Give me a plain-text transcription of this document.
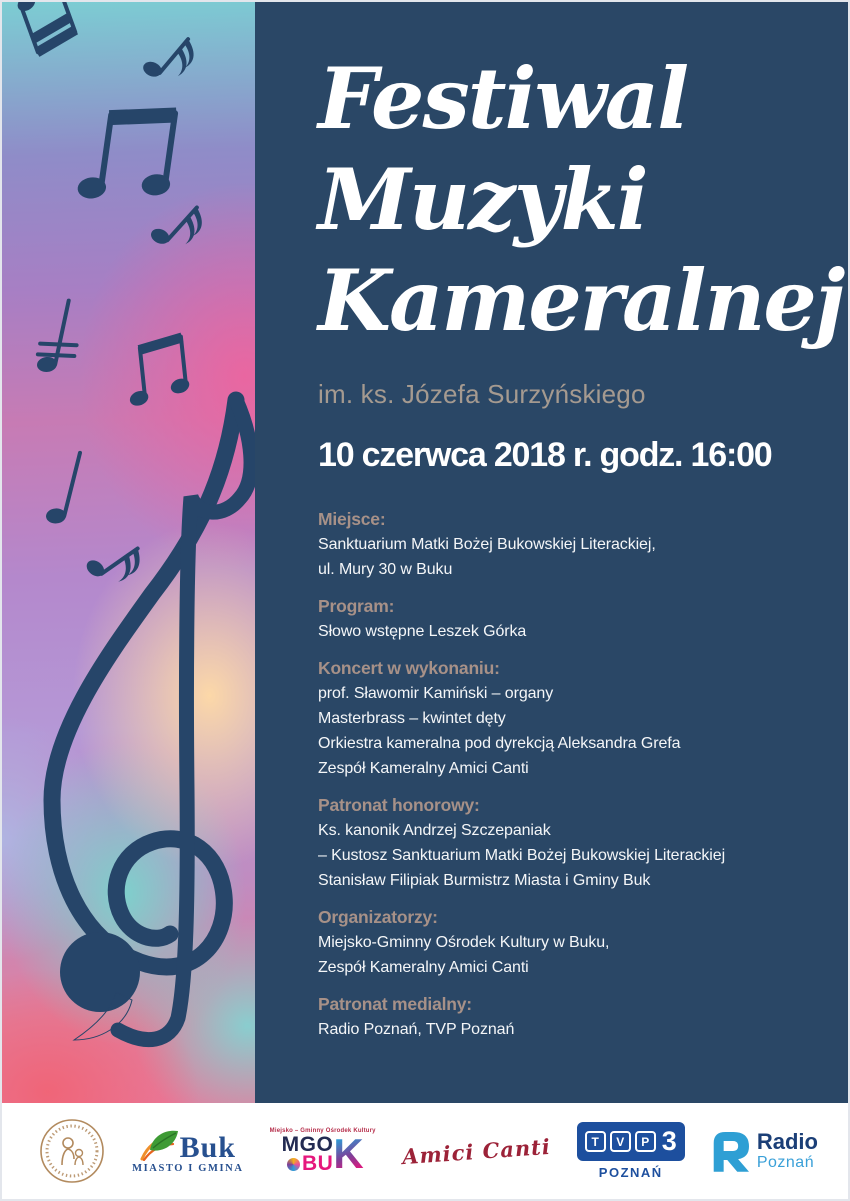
Festiwal
Muzyki
Kameralnej
im. ks. Józefa Surzyńskiego
10 czerwca 2018 r. godz. 16:00
Miejsce:
Sanktuarium Matki Bożej Bukowskiej Literackiej,
ul. Mury 30 w Buku
Program:
Słowo wstępne Leszek Górka
Koncert w wykonaniu:
prof. Sławomir Kamiński – organy
Masterbrass – kwintet dęty
Orkiestra kameralna pod dyrekcją Aleksandra Grefa
Zespół Kameralny Amici Canti
Patronat honorowy:
Ks. kanonik Andrzej Szczepaniak
– Kustosz Sanktuarium Matki Bożej Bukowskiej Literackiej
Stanisław Filipiak Burmistrz Miasta i Gminy Buk
Organizatorzy:
Miejsko-Gminny Ośrodek Kultury w Buku,
Zespół Kameralny Amici Canti
Patronat medialny:
Radio Poznań, TVP Poznań
Buk
MIASTO I GMINA
Miejsko – Gminny Ośrodek Kultury
MGO
BU K Amici Canti	T	V	P 3
POZNAŃ
Radio
Poznań
